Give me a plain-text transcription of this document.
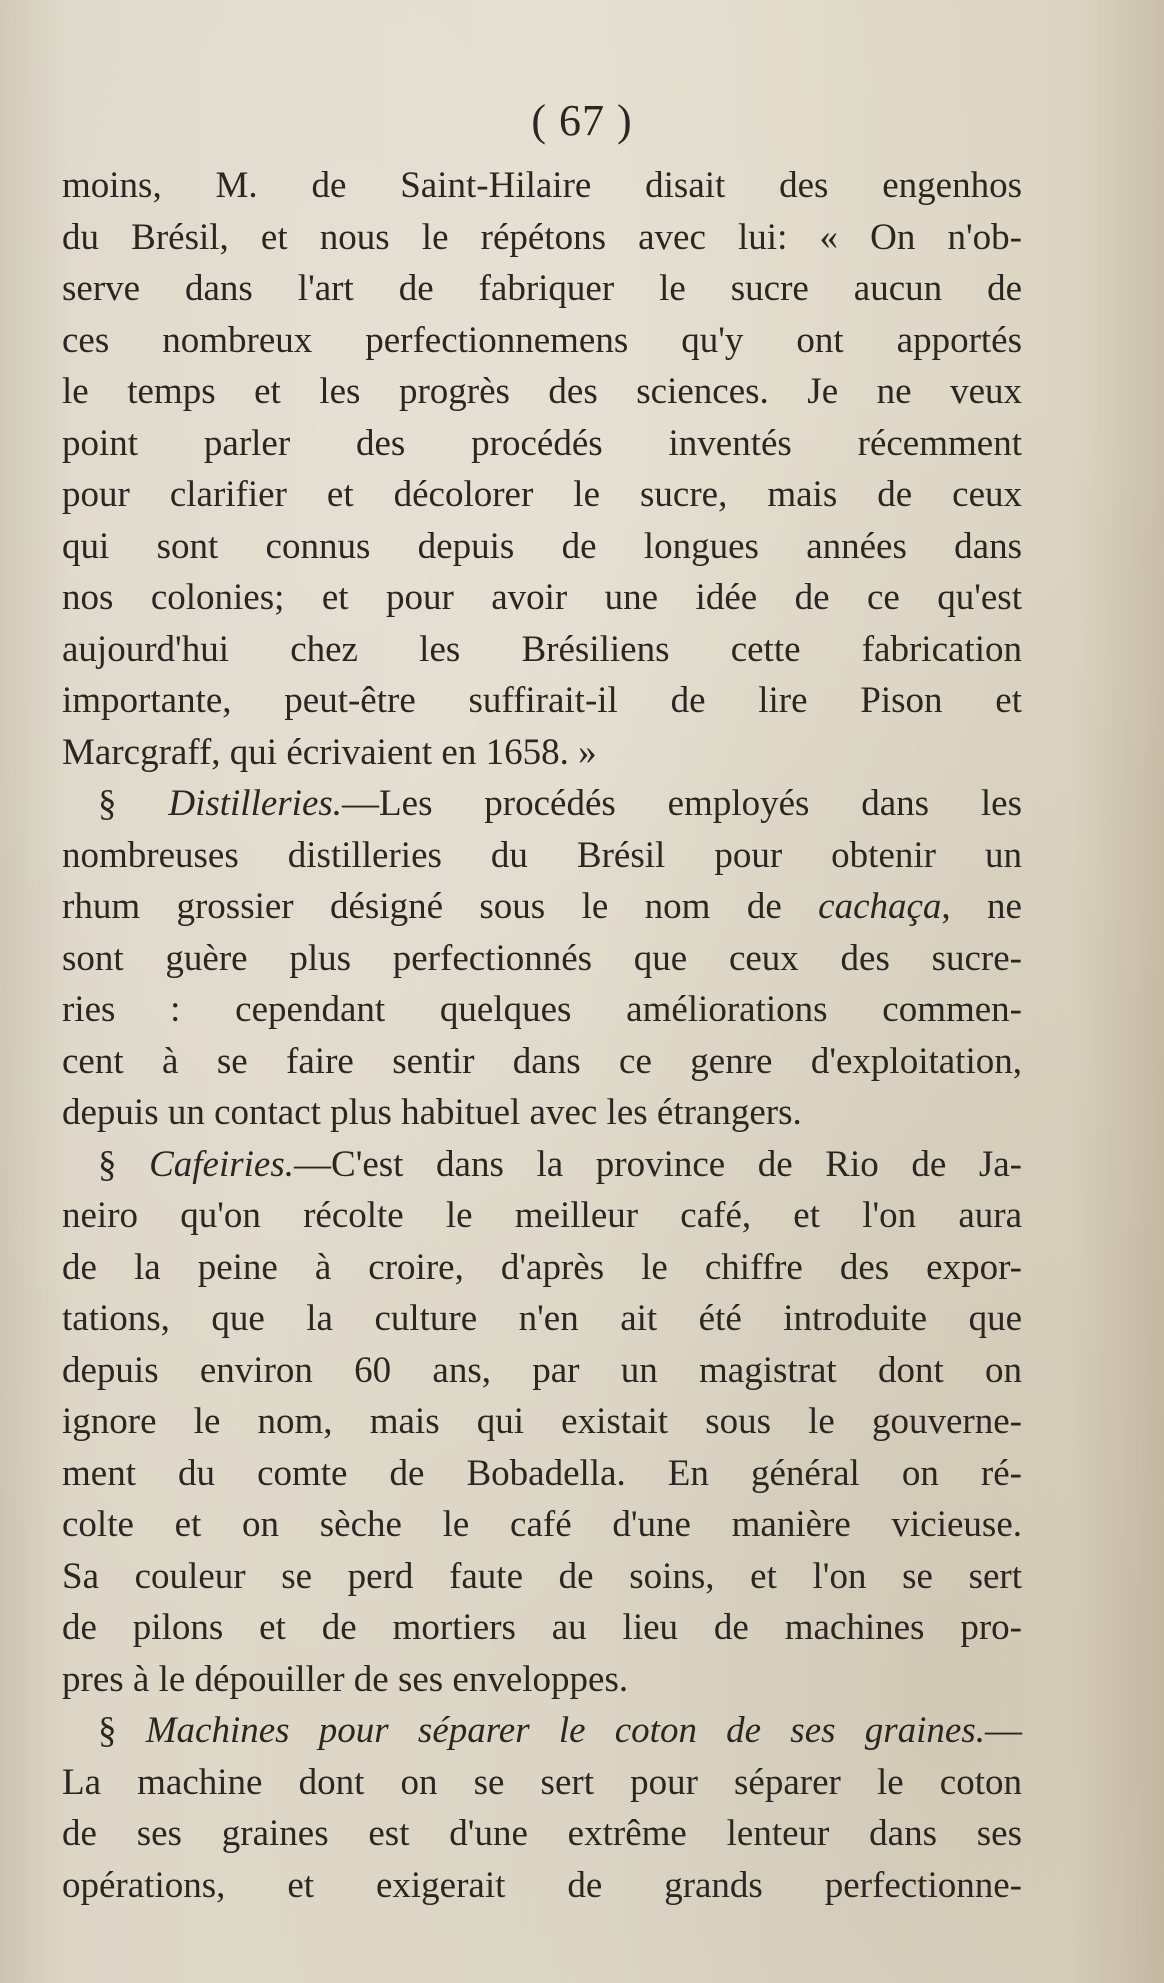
( 67 )
moins, M. de Saint-Hilaire disait des engenhos
du Brésil, et nous le répétons avec lui: « On n'ob-
serve dans l'art de fabriquer le sucre aucun de
ces nombreux perfectionnemens qu'y ont apportés
le temps et les progrès des sciences. Je ne veux
point parler des procédés inventés récemment
pour clarifier et décolorer le sucre, mais de ceux
qui sont connus depuis de longues années dans
nos colonies; et pour avoir une idée de ce qu'est
aujourd'hui chez les Brésiliens cette fabrication
importante, peut-être suffirait-il de lire Pison et
Marcgraff, qui écrivaient en 1658. »
§ Distilleries.—Les procédés employés dans les
nombreuses distilleries du Brésil pour obtenir un
rhum grossier désigné sous le nom de cachaça, ne
sont guère plus perfectionnés que ceux des sucre-
ries : cependant quelques améliorations commen-
cent à se faire sentir dans ce genre d'exploitation,
depuis un contact plus habituel avec les étrangers.
§ Cafeiries.—C'est dans la province de Rio de Ja-
neiro qu'on récolte le meilleur café, et l'on aura
de la peine à croire, d'après le chiffre des expor-
tations, que la culture n'en ait été introduite que
depuis environ 60 ans, par un magistrat dont on
ignore le nom, mais qui existait sous le gouverne-
ment du comte de Bobadella. En général on ré-
colte et on sèche le café d'une manière vicieuse.
Sa couleur se perd faute de soins, et l'on se sert
de pilons et de mortiers au lieu de machines pro-
pres à le dépouiller de ses enveloppes.
§ Machines pour séparer le coton de ses graines.—
La machine dont on se sert pour séparer le coton
de ses graines est d'une extrême lenteur dans ses
opérations, et exigerait de grands perfectionne-
